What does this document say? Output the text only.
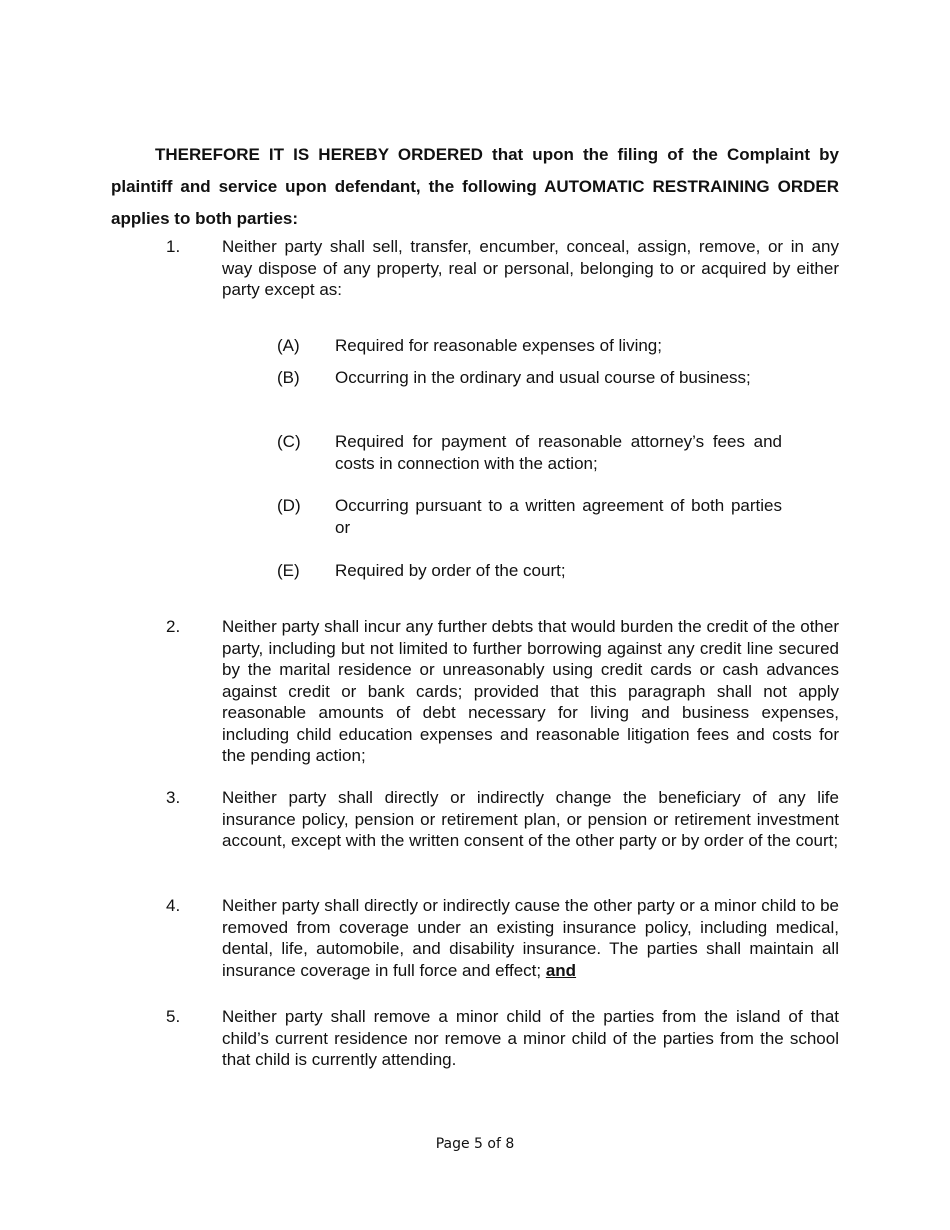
THEREFORE IT IS HEREBY ORDERED that upon the filing of the Complaint by plaintiff and service upon defendant, the following AUTOMATIC RESTRAINING ORDER applies to both parties:

1. Neither party shall sell, transfer, encumber, conceal, assign, remove, or in any way dispose of any property, real or personal, belonging to or acquired by either party except as:
(A) Required for reasonable expenses of living;
(B) Occurring in the ordinary and usual course of business;
(C) Required for payment of reasonable attorney’s fees and costs in connection with the action;
(D) Occurring pursuant to a written agreement of both parties or
(E) Required by order of the court;
2. Neither party shall incur any further debts that would burden the credit of the other party, including but not limited to further borrowing against any credit line secured by the marital residence or unreasonably using credit cards or cash advances against credit or bank cards; provided that this paragraph shall not apply reasonable amounts of debt necessary for living and business expenses, including child education expenses and reasonable litigation fees and costs for the pending action;
3. Neither party shall directly or indirectly change the beneficiary of any life insurance policy, pension or retirement plan, or pension or retirement investment account, except with the written consent of the other party or by order of the court;
4. Neither party shall directly or indirectly cause the other party or a minor child to be removed from coverage under an existing insurance policy, including medical, dental, life, automobile, and disability insurance. The parties shall maintain all insurance coverage in full force and effect; and
5. Neither party shall remove a minor child of the parties from the island of that child’s current residence nor remove a minor child of the parties from the school that child is currently attending.
Page 5 of 8
